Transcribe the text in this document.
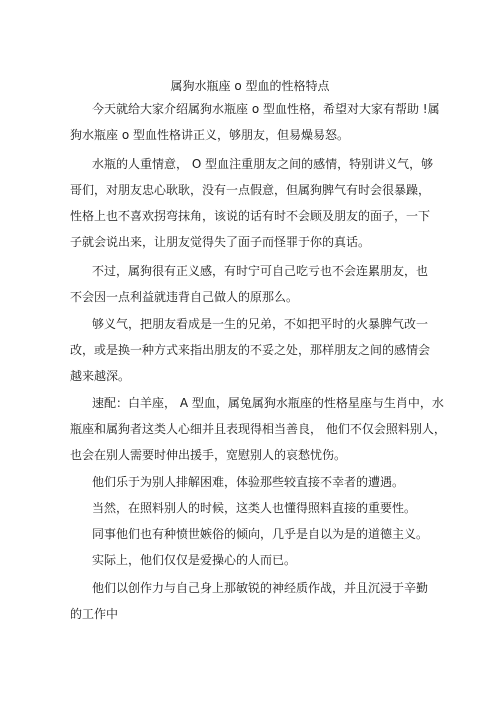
属狗水瓶座 o 型血的性格特点
今天就给大家介绍属狗水瓶座 o 型血性格，希望对大家有帮助 !属
狗水瓶座 o 型血性格讲正义，够朋友，但易燥易怒。
水瓶的人重情意， O 型血注重朋友之间的感情，特别讲义气，够
哥们，对朋友忠心耿耿，没有一点假意，但属狗脾气有时会很暴躁，
性格上也不喜欢拐弯抹角，该说的话有时不会顾及朋友的面子，一下
子就会说出来，让朋友觉得失了面子而怪罪于你的真话。
不过，属狗很有正义感，有时宁可自己吃亏也不会连累朋友，也
不会因一点利益就违背自己做人的原那么。
够义气，把朋友看成是一生的兄弟，不如把平时的火暴脾气改一
改，或是换一种方式来指出朋友的不妥之处，那样朋友之间的感情会
越来越深。
速配：白羊座， A 型血，属兔属狗水瓶座的性格星座与生肖中，水
瓶座和属狗者这类人心细并且表现得相当善良， 他们不仅会照料别人，
也会在别人需要时伸出援手，宽慰别人的哀愁忧伤。
他们乐于为别人排解困难，体验那些较直接不幸者的遭遇。
当然，在照料别人的时候，这类人也懂得照料直接的重要性。
同事他们也有种愤世嫉俗的倾向，几乎是自以为是的道德主义。
实际上，他们仅仅是爱操心的人而已。
他们以创作力与自己身上那敏锐的神经质作战，并且沉浸于辛勤
的工作中
